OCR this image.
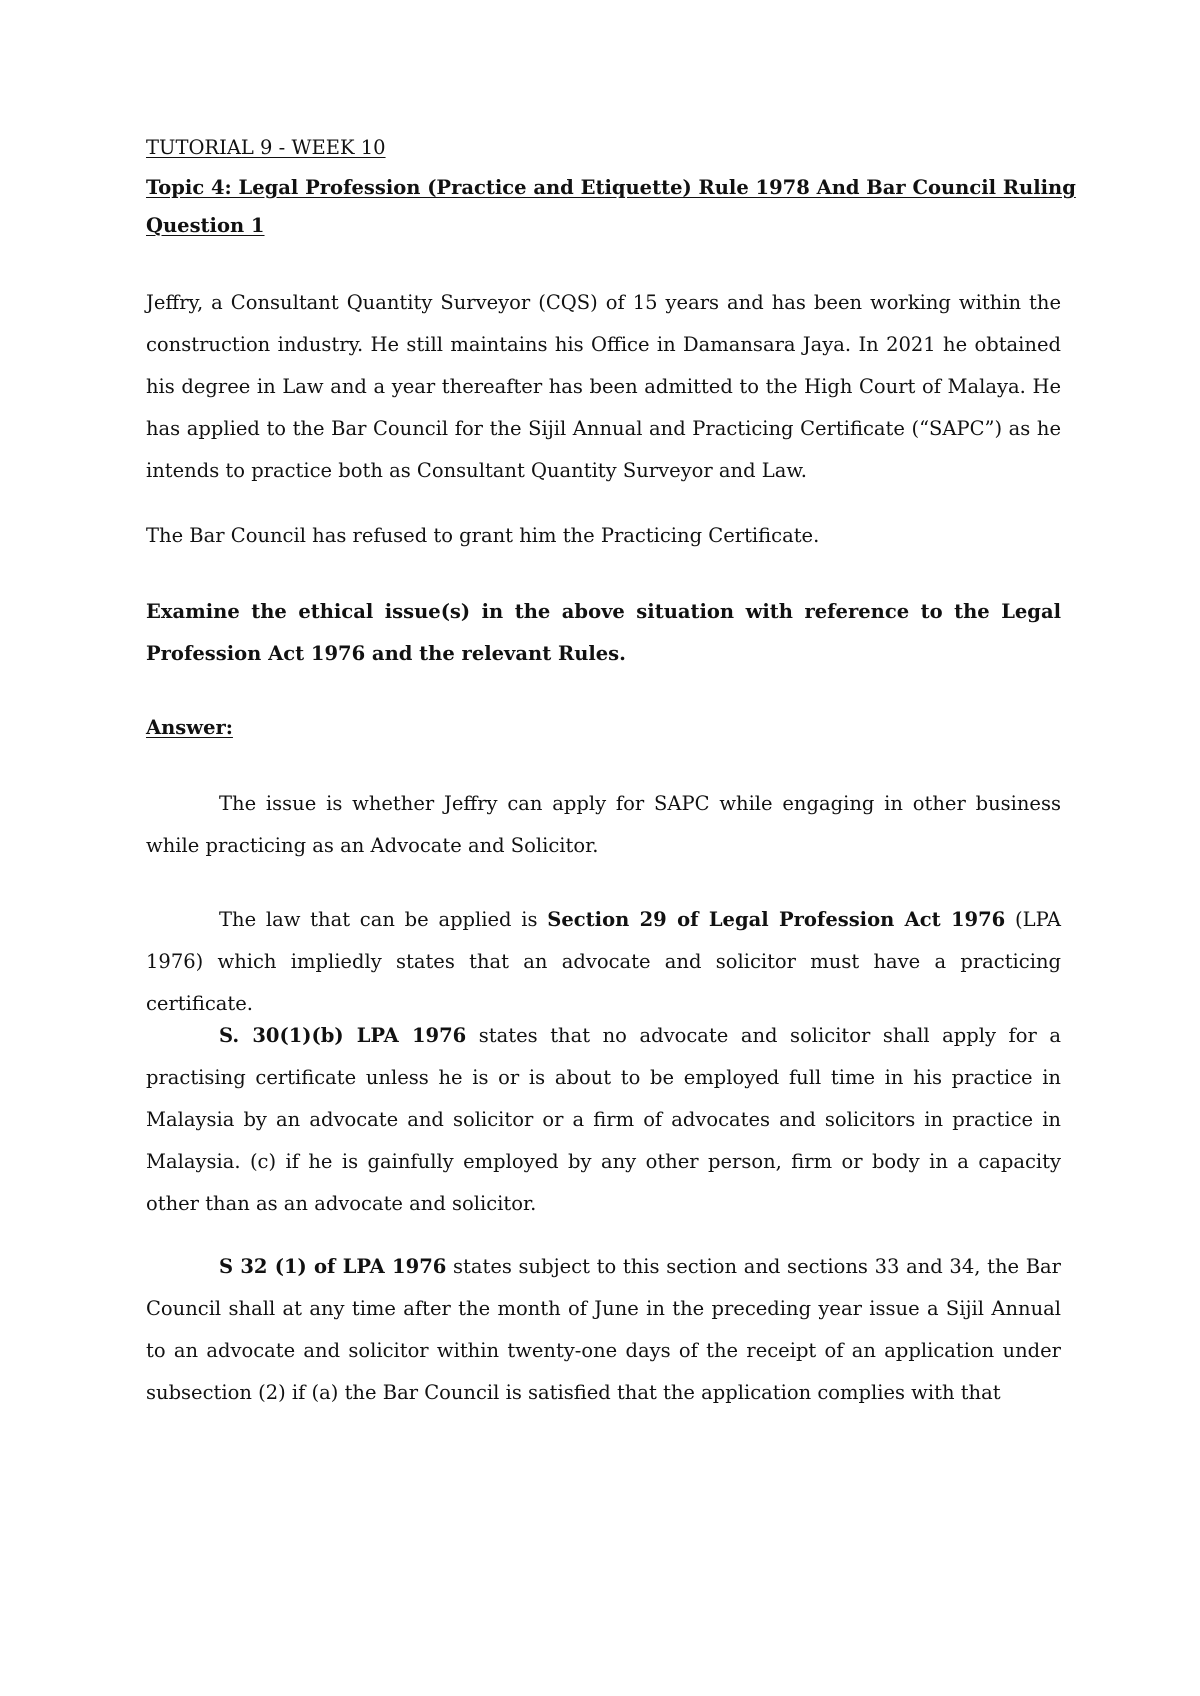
TUTORIAL 9 - WEEK 10

Topic 4: Legal Profession (Practice and Etiquette) Rule 1978 And Bar Council Ruling

Question 1

Jeffry, a Consultant Quantity Surveyor (CQS) of 15 years and has been working within the construction industry. He still maintains his Office in Damansara Jaya. In 2021 he obtained his degree in Law and a year thereafter has been admitted to the High Court of Malaya. He has applied to the Bar Council for the Sijil Annual and Practicing Certificate (“SAPC”) as he intends to practice both as Consultant Quantity Surveyor and Law.

The Bar Council has refused to grant him the Practicing Certificate.

Examine the ethical issue(s) in the above situation with reference to the Legal Profession Act 1976 and the relevant Rules.

Answer:

The issue is whether Jeffry can apply for SAPC while engaging in other business while practicing as an Advocate and Solicitor.

The law that can be applied is Section 29 of Legal Profession Act 1976 (LPA 1976) which impliedly states that an advocate and solicitor must have a practicing certificate.

S. 30(1)(b) LPA 1976 states that no advocate and solicitor shall apply for a practising certificate unless he is or is about to be employed full time in his practice in Malaysia by an advocate and solicitor or a firm of advocates and solicitors in practice in Malaysia. (c) if he is gainfully employed by any other person, firm or body in a capacity other than as an advocate and solicitor.

S 32 (1) of LPA 1976 states subject to this section and sections 33 and 34, the Bar Council shall at any time after the month of June in the preceding year issue a Sijil Annual to an advocate and solicitor within twenty-one days of the receipt of an application under subsection (2) if (a) the Bar Council is satisfied that the application complies with that
